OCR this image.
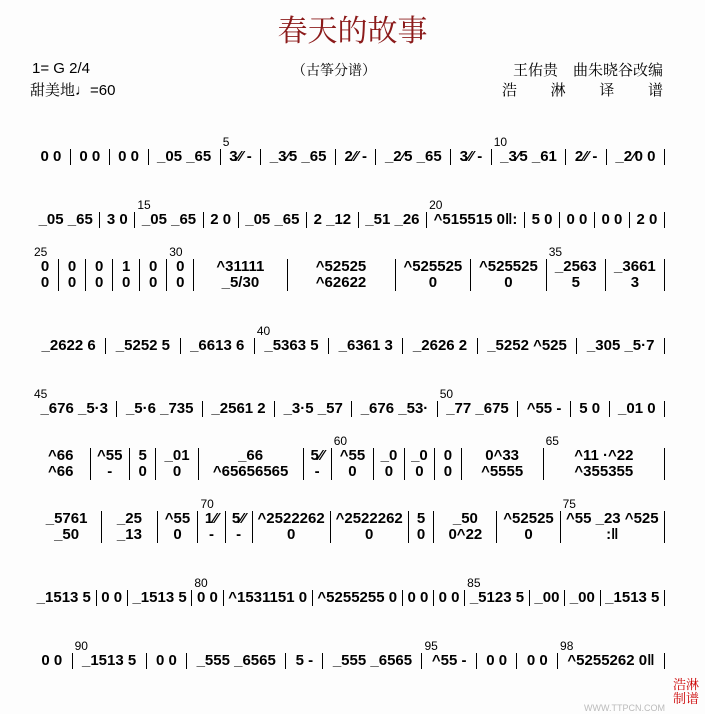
春天的故事
（古筝分谱）
1= G 2/4
甜美地♩=60
王佑贵　曲朱晓谷改编
浩 淋 译 谱
0 0 0 0 0 0 _05 _65 3⁄⁄ -
5
_3⁄5 _65 2⁄⁄ - _2⁄5 _65 3⁄⁄ - _3⁄5 _61
10
2⁄⁄ - _2⁄0 0
_05 _65 3 0 _05 _65
15
2 0 _05 _65 2 _12 _51 _26 ^515515 0‖:
20
5 0 0 0 0 0 2 0
0 0
25
0 0
0 0
1 0
0 0
0 0
30
^31111 _5/30
^52525 ^62622
^525525 0
^525525 0
_2563 5
35
_3661 3
_2622 6 _5252 5 _6613 6 _5363 5
40
_6361 3 _2626 2 _5252 ^525 _305 _5·7
_676 _5·3
45
_5·6 _735 _2561 2 _3·5 _57 _676 _53· _77 _675
50
^55 - 5 0 _01 0
^66 ^66
^55 -
5 0
_01 0
_66 ^65656565
5⁄⁄ -
^55 0
60
_00
_00
0 0
0^33 ^5555
^11 ·^22 ^355355
65
_5761 _50
_25 _13
^55 0
1⁄⁄ -
70
5⁄⁄ -
^2522262 0
^2522262 0
5 0
_50 0^22
^52525 0
^55 _23 ^525 :‖
75
_1513 5 0 0 _1513 5 0 0
80
^1531151 0 ^5255255 0 0 0 0 0 _5123 5
85
_00 _00 _1513 5
0 0 _1513 5
90
0 0 _555 _6565 5 - _555 _6565 ^55 -
95
0 0 0 0 ^5255262 0‖
98
WWW.TTPCN.COM
浩淋制谱
